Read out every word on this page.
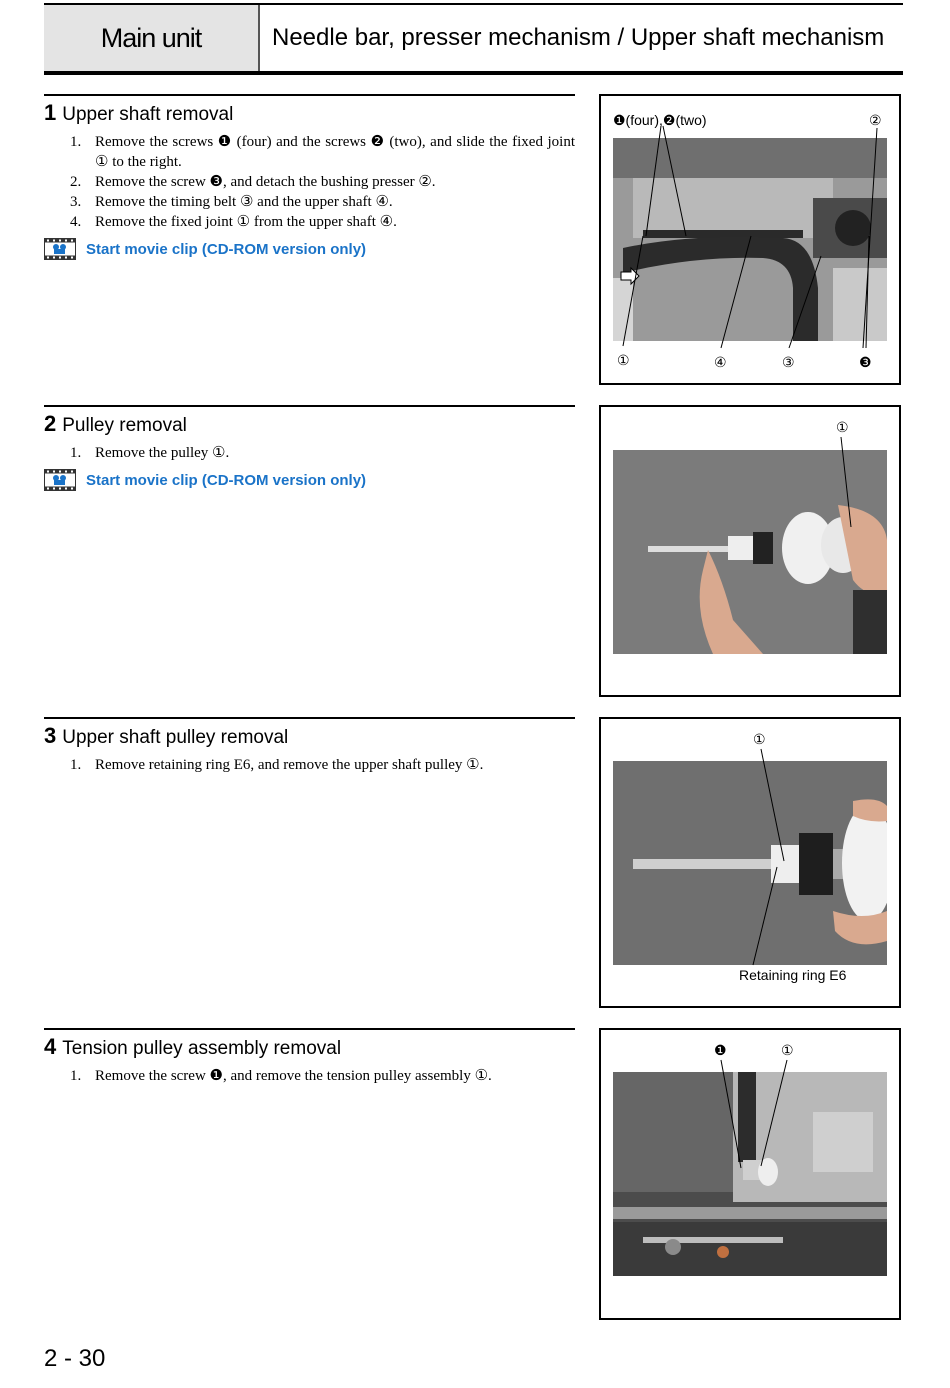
Main unit	Needle bar, presser mechanism / Upper shaft mechanism
1 Upper shaft removal
1. Remove the screws ❶ (four) and the screws ❷ (two), and slide the fixed joint ① to the right.
2. Remove the screw ❸, and detach the bushing presser ②.
3. Remove the timing belt ③ and the upper shaft ④.
4. Remove the fixed joint ① from the upper shaft ④.
Start movie clip (CD-ROM version only)
❶(four),❷(two)	②
①	④	③	❸
2 Pulley removal
1. Remove the pulley ①.
Start movie clip (CD-ROM version only)
①
3 Upper shaft pulley removal
1. Remove retaining ring E6, and remove the upper shaft pulley ①.
①
Retaining ring E6
4 Tension pulley assembly removal
1. Remove the screw ❶, and remove the tension pulley assembly ①.
❶	①
2 - 30
